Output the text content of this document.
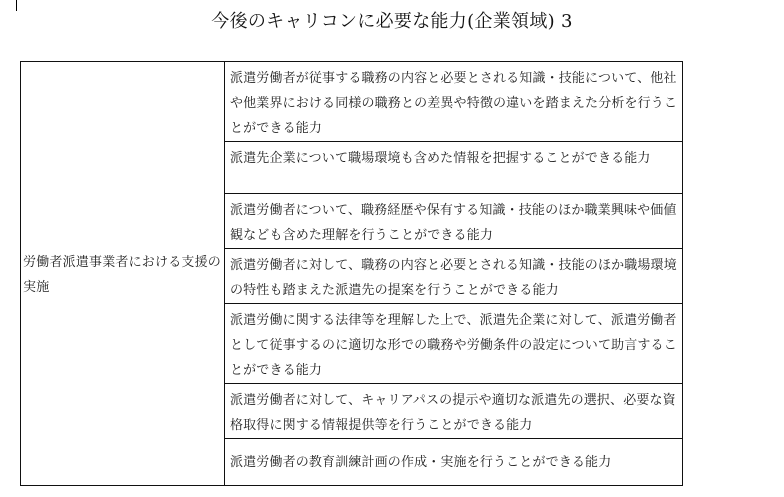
今後のキャリコンに必要な能力(企業領域) 3
労働者派遣事業者における支援の実施
	派遣労働者が従事する職務の内容と必要とされる知識・技能について、他社や他業界における同様の職務との差異や特徴の違いを踏まえた分析を行うことができる能力
派遣先企業について職場環境も含めた情報を把握することができる能力
派遣労働者について、職務経歴や保有する知識・技能のほか職業興味や価値観なども含めた理解を行うことができる能力
派遣労働者に対して、職務の内容と必要とされる知識・技能のほか職場環境の特性も踏まえた派遣先の提案を行うことができる能力
派遣労働に関する法律等を理解した上で、派遣先企業に対して、派遣労働者として従事するのに適切な形での職務や労働条件の設定について助言することができる能力
派遣労働者に対して、キャリアパスの提示や適切な派遣先の選択、必要な資格取得に関する情報提供等を行うことができる能力
派遣労働者の教育訓練計画の作成・実施を行うことができる能力
